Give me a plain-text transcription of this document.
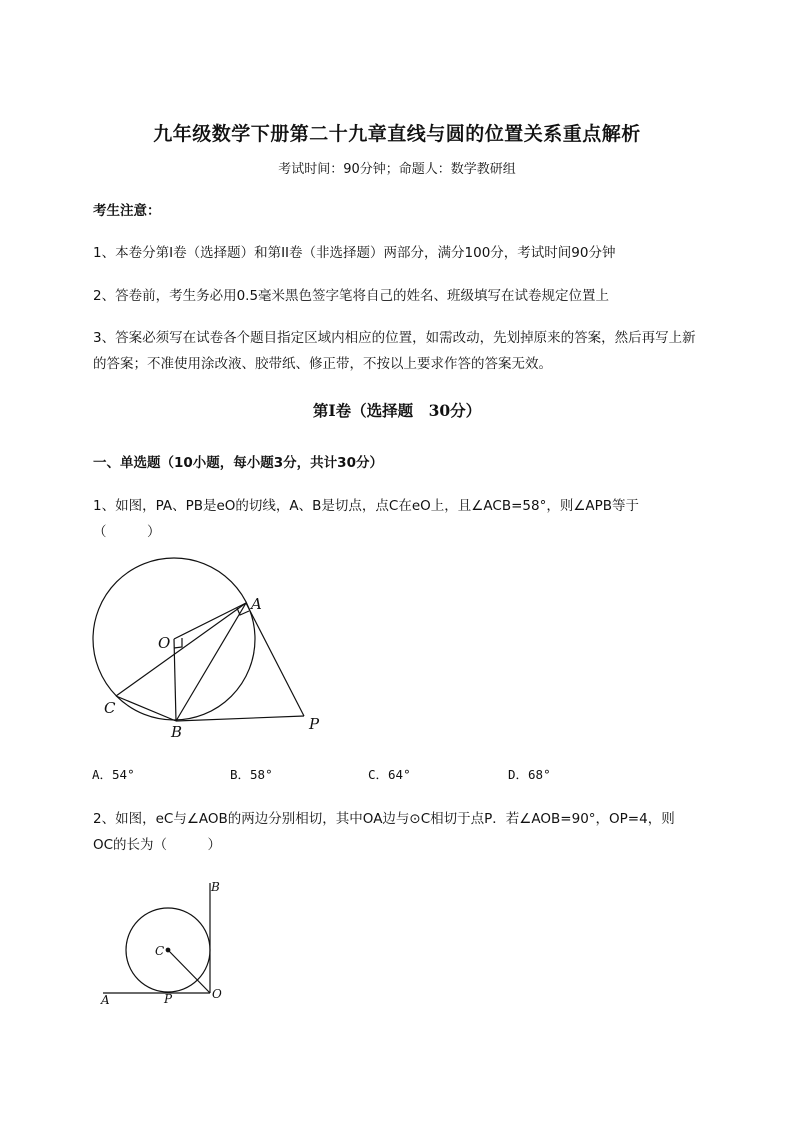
九年级数学下册第二十九章直线与圆的位置关系重点解析
考试时间：90分钟；命题人：数学教研组
考生注意：
1、本卷分第I卷（选择题）和第II卷（非选择题）两部分，满分100分，考试时间90分钟
2、答卷前，考生务必用0.5毫米黑色签字笔将自己的姓名、班级填写在试卷规定位置上
3、答案必须写在试卷各个题目指定区域内相应的位置，如需改动，先划掉原来的答案，然后再写上新
的答案；不准使用涂改液、胶带纸、修正带，不按以上要求作答的答案无效。
第I卷（选择题　30分）
一、单选题（10小题，每小题3分，共计30分）
1、如图，PA、PB是eO的切线，A、B是切点，点C在eO上，且∠ACB=58°，则∠APB等于
（　　　）
O
A
C
B	P
B
C
A	P	O
A．54°	B．58°	C．64°	D．68°
2、如图，eC与∠AOB的两边分别相切，其中OA边与⊙C相切于点P．若∠AOB=90°，OP=4，则
OC的长为（　　　）
